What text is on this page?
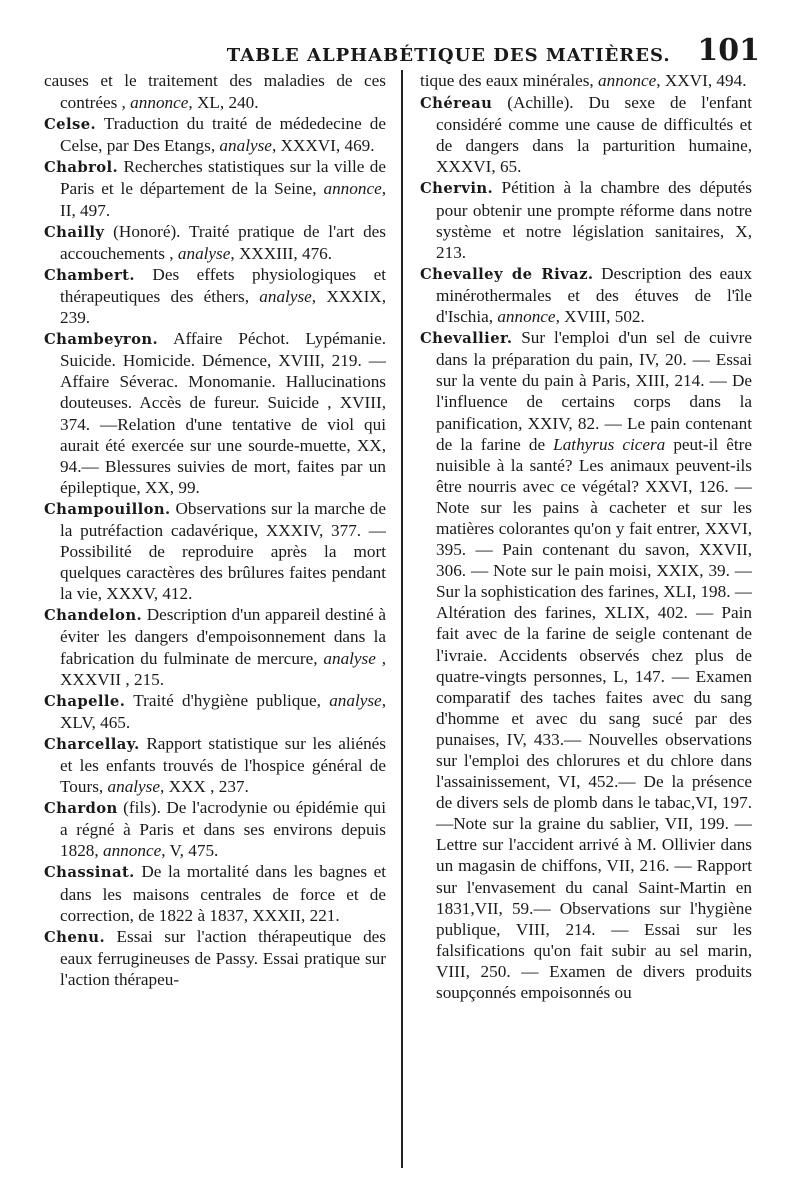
TABLE ALPHABÉTIQUE DES MATIÈRES. 101

causes et le traitement des maladies de ces contrées , annonce, XL, 240.

Celse. Traduction du traité de médedecine de Celse, par Des Etangs, analyse, XXXVI, 469.

Chabrol. Recherches statistiques sur la ville de Paris et le département de la Seine, annonce, II, 497.

Chailly (Honoré). Traité pratique de l'art des accouchements , analyse, XXXIII, 476.

Chambert. Des effets physiologiques et thérapeutiques des éthers, analyse, XXXIX, 239.

Chambeyron. Affaire Péchot. Lypémanie. Suicide. Homicide. Démence, XVIII, 219. — Affaire Séverac. Monomanie. Hallucinations douteuses. Accès de fureur. Suicide , XVIII, 374. —Relation d'une tentative de viol qui aurait été exercée sur une sourde-muette, XX, 94.— Blessures suivies de mort, faites par un épileptique, XX, 99.

Champouillon. Observations sur la marche de la putréfaction cadavérique, XXXIV, 377. — Possibilité de reproduire après la mort quelques caractères des brûlures faites pendant la vie, XXXV, 412.

Chandelon. Description d'un appareil destiné à éviter les dangers d'empoisonnement dans la fabrication du fulminate de mercure, analyse , XXXVII , 215.

Chapelle. Traité d'hygiène publique, analyse, XLV, 465.

Charcellay. Rapport statistique sur les aliénés et les enfants trouvés de l'hospice général de Tours, analyse, XXX , 237.

Chardon (fils). De l'acrodynie ou épidémie qui a régné à Paris et dans ses environs depuis 1828, annonce, V, 475.

Chassinat. De la mortalité dans les bagnes et dans les maisons centrales de force et de correction, de 1822 à 1837, XXXII, 221.

Chenu. Essai sur l'action thérapeutique des eaux ferrugineuses de Passy. Essai pratique sur l'action thérapeu-

tique des eaux minérales, annonce, XXVI, 494.

Chéreau (Achille). Du sexe de l'enfant considéré comme une cause de difficultés et de dangers dans la parturition humaine, XXXVI, 65.

Chervin. Pétition à la chambre des députés pour obtenir une prompte réforme dans notre système et notre législation sanitaires, X, 213.

Chevalley de Rivaz. Description des eaux minérothermales et des étuves de l'île d'Ischia, annonce, XVIII, 502.

Chevallier. Sur l'emploi d'un sel de cuivre dans la préparation du pain, IV, 20. — Essai sur la vente du pain à Paris, XIII, 214. — De l'influence de certains corps dans la panification, XXIV, 82. — Le pain contenant de la farine de Lathyrus cicera peut-il être nuisible à la santé? Les animaux peuvent-ils être nourris avec ce végétal? XXVI, 126. — Note sur les pains à cacheter et sur les matières colorantes qu'on y fait entrer, XXVI, 395. — Pain contenant du savon, XXVII, 306. — Note sur le pain moisi, XXIX, 39. — Sur la sophistication des farines, XLI, 198. — Altération des farines, XLIX, 402. — Pain fait avec de la farine de seigle contenant de l'ivraie. Accidents observés chez plus de quatre-vingts personnes, L, 147. — Examen comparatif des taches faites avec du sang d'homme et avec du sang sucé par des punaises, IV, 433.— Nouvelles observations sur l'emploi des chlorures et du chlore dans l'assainissement, VI, 452.— De la présence de divers sels de plomb dans le tabac,VI, 197.—Note sur la graine du sablier, VII, 199. — Lettre sur l'accident arrivé à M. Ollivier dans un magasin de chiffons, VII, 216. — Rapport sur l'envasement du canal Saint-Martin en 1831,VII, 59.— Observations sur l'hygiène publique, VIII, 214. — Essai sur les falsifications qu'on fait subir au sel marin, VIII, 250. — Examen de divers produits soupçonnés empoisonnés ou
